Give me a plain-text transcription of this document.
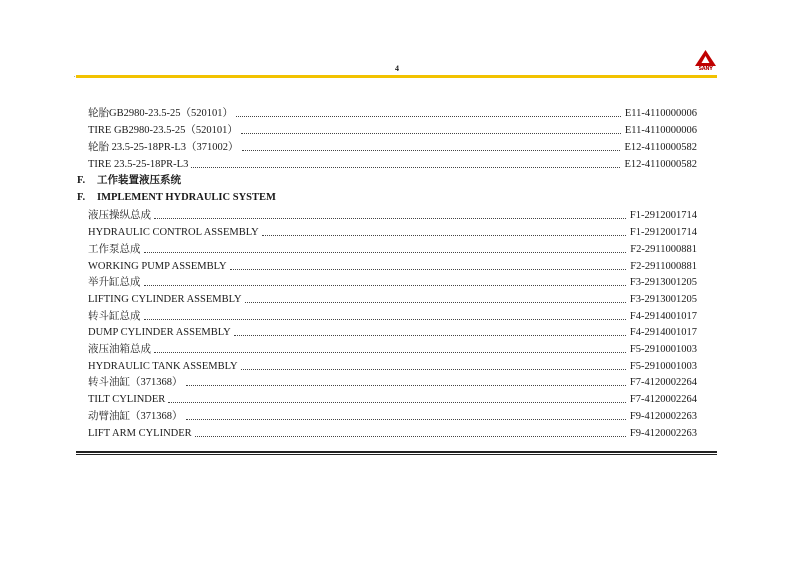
4
.
SANY
轮胎GB2980-23.5-25（520101）	E11-4110000006
TIRE GB2980-23.5-25（520101）	E11-4110000006
轮胎 23.5-25-18PR-L3（371002）	E12-4110000582
TIRE 23.5-25-18PR-L3	E12-4110000582
F.	工作装置液压系统
F.	IMPLEMENT HYDRAULIC SYSTEM
液压操纵总成	F1-2912001714
HYDRAULIC CONTROL ASSEMBLY	F1-2912001714
工作泵总成	F2-2911000881
WORKING PUMP ASSEMBLY	F2-2911000881
举升缸总成	F3-2913001205
LIFTING CYLINDER ASSEMBLY	F3-2913001205
转斗缸总成	F4-2914001017
DUMP CYLINDER ASSEMBLY	F4-2914001017
液压油箱总成	F5-2910001003
HYDRAULIC TANK ASSEMBLY	F5-2910001003
转斗油缸（371368）	F7-4120002264
TILT CYLINDER	F7-4120002264
动臂油缸（371368）	F9-4120002263
LIFT ARM CYLINDER	F9-4120002263
